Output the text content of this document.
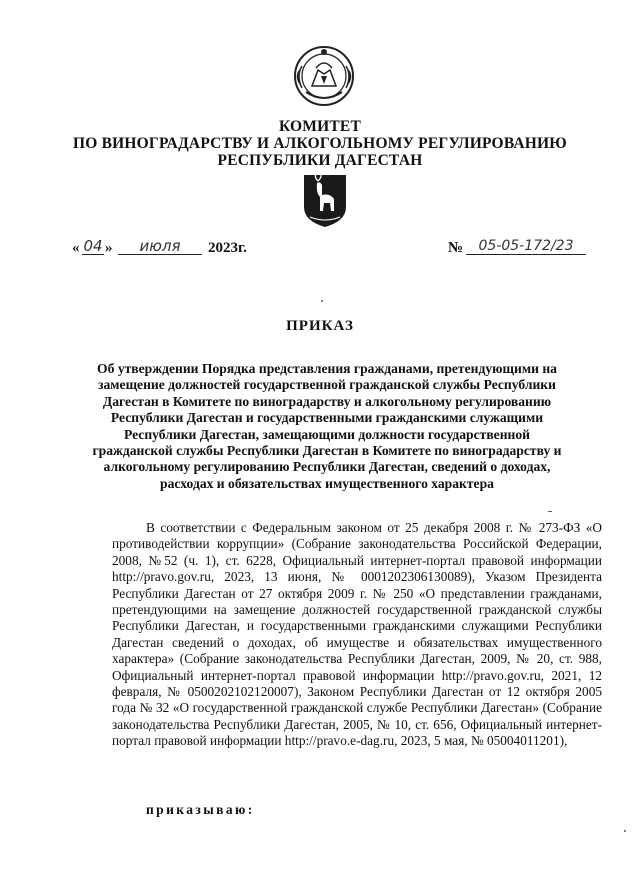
КОМИТЕТ
ПО ВИНОГРАДАРСТВУ И АЛКОГОЛЬНОМУ РЕГУЛИРОВАНИЮ
РЕСПУБЛИКИ ДАГЕСТАН
« 04 »	июля	2023г.	№	05-05-172/23
ПРИКАЗ
Об утверждении Порядка представления гражданами, претендующими на замещение должностей государственной гражданской службы Республики Дагестан в Комитете по виноградарству и алкогольному регулированию Республики Дагестан и государственными гражданскими служащими Республики Дагестан, замещающими должности государственной гражданской службы Республики Дагестан в Комитете по виноградарству и алкогольному регулированию Республики Дагестан, сведений о доходах, расходах и обязательствах имущественного характера

В соответствии с Федеральным законом от 25 декабря 2008 г. № 273-ФЗ «О противодействии коррупции» (Собрание законодательства Российской Федерации, 2008, №52 (ч. 1), ст. 6228, Официальный интернет-портал правовой информации http://pravo.gov.ru, 2023, 13 июня, № 0001202306130089), Указом Президента Республики Дагестан от 27 октября 2009 г. № 250 «О представлении гражданами, претендующими на замещение должностей государственной гражданской службы Республики Дагестан, и государственными гражданскими служащими Республики Дагестан сведений о доходах, об имуществе и обязательствах имущественного характера» (Собрание законодательства Республики Дагестан, 2009, № 20, ст. 988, Официальный интернет-портал правовой информации http://pravo.gov.ru, 2021, 12 февраля, № 0500202102120007), Законом Республики Дагестан от 12 октября 2005 года № 32 «О государственной гражданской службе Республики Дагестан» (Собрание законодательства Республики Дагестан, 2005, № 10, ст. 656, Официальный интернет-портал правовой информации http://pravo.e-dag.ru, 2023, 5 мая, № 05004011201),

приказываю:
